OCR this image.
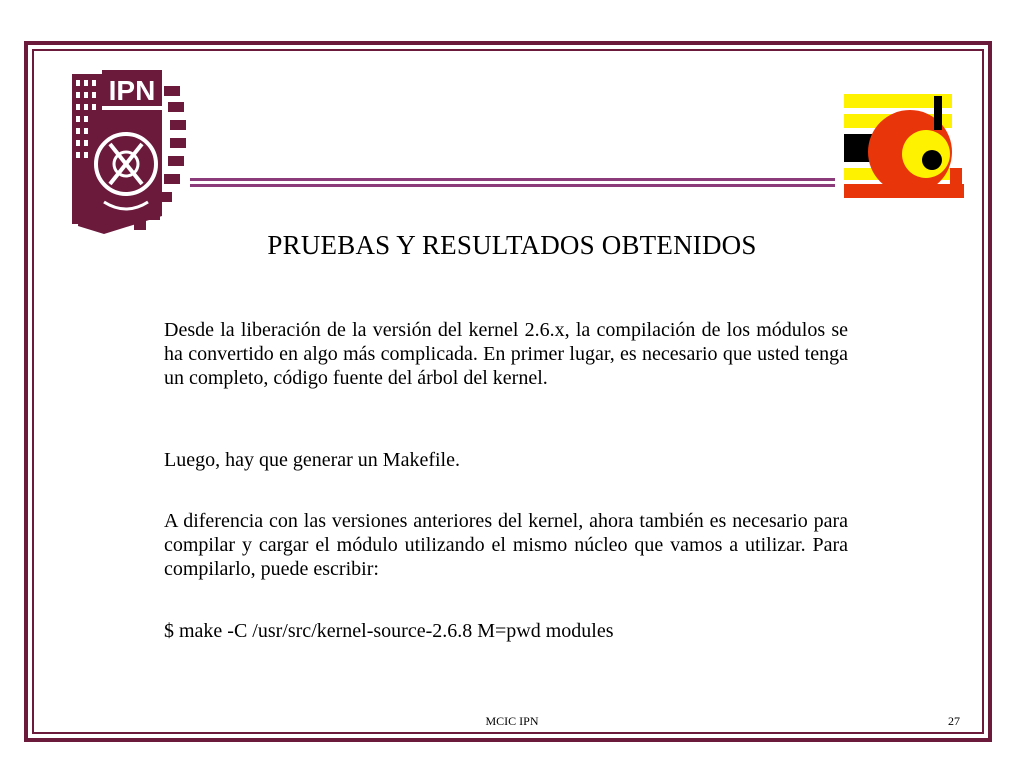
IPN
PRUEBAS Y RESULTADOS OBTENIDOS

Desde la liberación de la versión del kernel 2.6.x, la compilación de los módulos se ha convertido en algo más complicada. En primer lugar, es necesario que usted tenga un completo, código fuente del árbol del kernel.

Luego, hay que generar un Makefile.

A diferencia con las versiones anteriores del kernel, ahora también es necesario para compilar y cargar el módulo utilizando el mismo núcleo que vamos a utilizar. Para compilarlo, puede escribir:

$ make -C /usr/src/kernel-source-2.6.8 M=pwd modules

MCIC IPN	27
